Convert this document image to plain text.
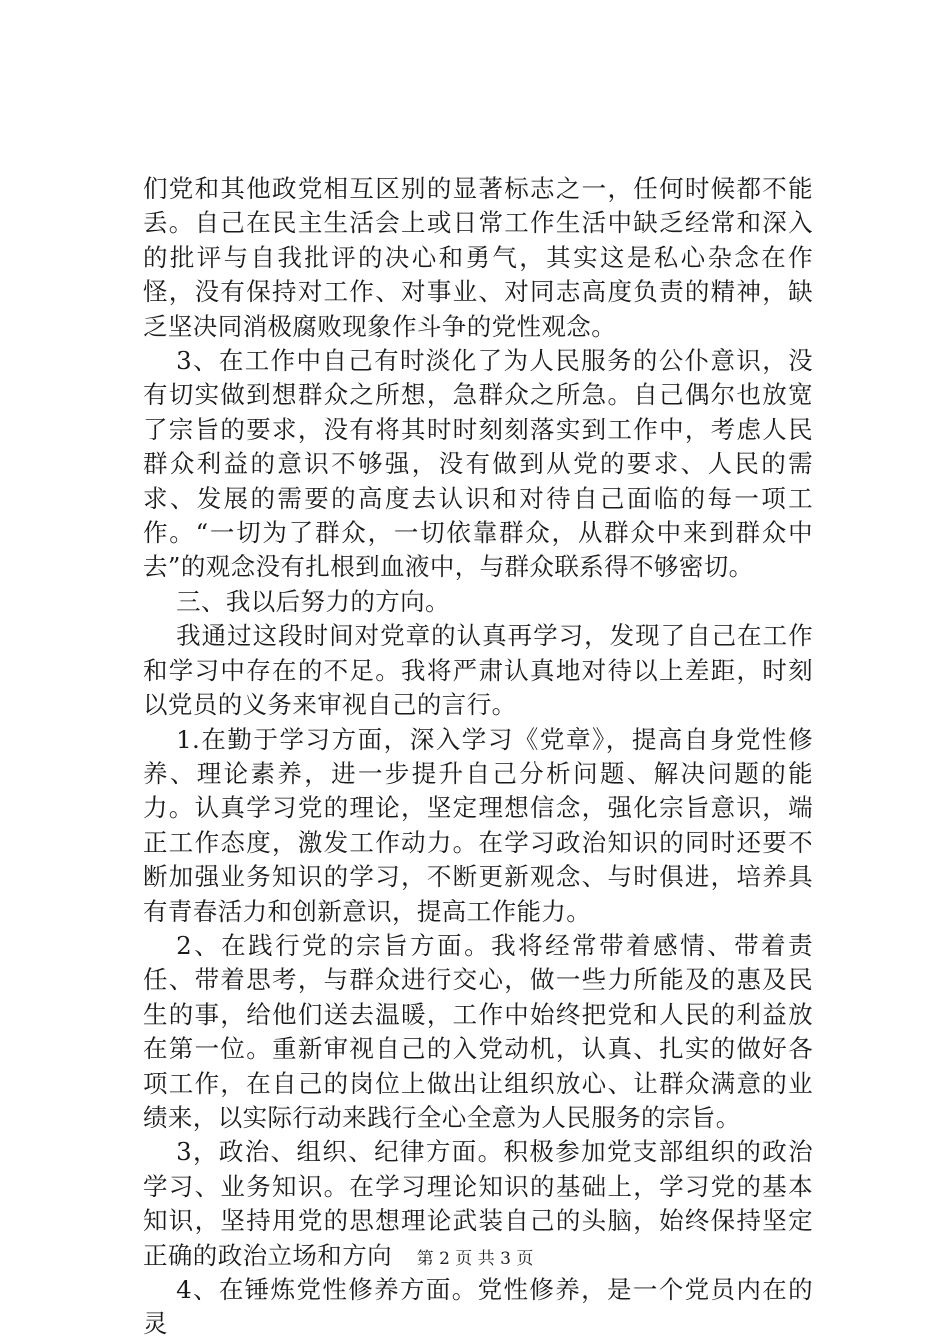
们党和其他政党相互区别的显著标志之一，任何时候都不能丢。自己在民主生活会上或日常工作生活中缺乏经常和深入的批评与自我批评的决心和勇气，其实这是私心杂念在作怪，没有保持对工作、对事业、对同志高度负责的精神，缺乏坚决同消极腐败现象作斗争的党性观念。

3、在工作中自己有时淡化了为人民服务的公仆意识，没有切实做到想群众之所想，急群众之所急。自己偶尔也放宽了宗旨的要求，没有将其时时刻刻落实到工作中，考虑人民群众利益的意识不够强，没有做到从党的要求、人民的需求、发展的需要的高度去认识和对待自己面临的每一项工作。“一切为了群众，一切依靠群众，从群众中来到群众中去”的观念没有扎根到血液中，与群众联系得不够密切。

三、我以后努力的方向。

我通过这段时间对党章的认真再学习，发现了自己在工作和学习中存在的不足。我将严肃认真地对待以上差距，时刻以党员的义务来审视自己的言行。

1.在勤于学习方面，深入学习《党章》，提高自身党性修养、理论素养，进一步提升自己分析问题、解决问题的能力。认真学习党的理论，坚定理想信念，强化宗旨意识，端正工作态度，激发工作动力。在学习政治知识的同时还要不断加强业务知识的学习，不断更新观念、与时俱进，培养具有青春活力和创新意识，提高工作能力。

2、在践行党的宗旨方面。我将经常带着感情、带着责任、带着思考，与群众进行交心，做一些力所能及的惠及民生的事，给他们送去温暖，工作中始终把党和人民的利益放在第一位。重新审视自己的入党动机，认真、扎实的做好各项工作，在自己的岗位上做出让组织放心、让群众满意的业绩来，以实际行动来践行全心全意为人民服务的宗旨。

3，政治、组织、纪律方面。积极参加党支部组织的政治学习、业务知识。在学习理论知识的基础上，学习党的基本知识，坚持用党的思想理论武装自己的头脑，始终保持坚定正确的政治立场和方向

4、在锤炼党性修养方面。党性修养，是一个党员内在的灵

第 2 页 共 3 页
